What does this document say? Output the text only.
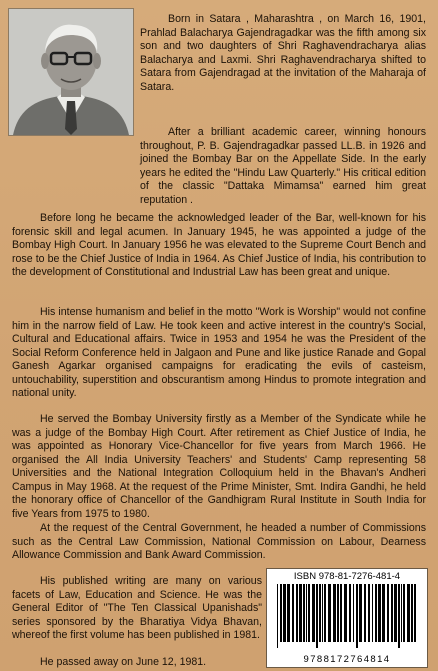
Born in Satara , Maharashtra , on March 16, 1901, Prahlad Balacharya Gajendragadkar was the fifth among six son and two daughters of Shri Raghavendracharya alias Balacharya and Laxmi. Shri Raghavendracharya shifted to Satara from Gajendragad at the invitation of the Maharaja of Satara.

After a brilliant academic career, winning honours throughout, P. B. Gajendragadkar passed LL.B. in 1926 and joined the Bombay Bar on the Appellate Side. In the early years he edited the "Hindu Law Quarterly." His critical edition of the classic "Dattaka Mimamsa" earned him great reputation .

Before long he became the acknowledged leader of the Bar, well-known for his forensic skill and legal acumen. In January 1945, he was appointed a judge of the Bombay High Court. In January 1956 he was elevated to the Supreme Court Bench and rose to be the Chief Justice of India in 1964. As Chief Justice of India, his contribution to the development of Constitutional and Industrial Law has been great and unique.

His intense humanism and belief in the motto "Work is Worship" would not confine him in the narrow field of Law. He took keen and active interest in the country's Social, Cultural and Educational affairs. Twice in 1953 and 1954 he was the President of the Social Reform Conference held in Jalgaon and Pune and like justice Ranade and Gopal Ganesh Agarkar organised campaigns for eradicating the evils of casteism, untouchability, superstition and obscurantism among Hindus to promote integration and national unity.

He served the Bombay University firstly as a Member of the Syndicate while he was a judge of the Bombay High Court. After retirement as Chief Justice of India, he was appointed as Honorary Vice-Chancellor for five years from March 1966. He organised the All India University Teachers' and Students' Camp representing 58 Universities and the National Integration Colloquium held in the Bhavan's Andheri Campus in May 1968. At the request of the Prime Minister, Smt. Indira Gandhi, he held the honorary office of Chancellor of the Gandhigram Rural Institute in South India for five Years from 1975 to 1980.

At the request of the Central Government, he headed a number of Commissions such as the Central Law Commission, National Commission on Labour, Dearness Allowance Commission and Bank Award Commission.

His published writing are many on various facets of Law, Education and Science. He was the General Editor of "The Ten Classical Upanishads" series sponsored by the Bharatiya Vidya Bhavan, whereof the first volume has been published in 1981.

He passed away on June 12, 1981.

ISBN 978-81-7276-481-4
9788172764814
